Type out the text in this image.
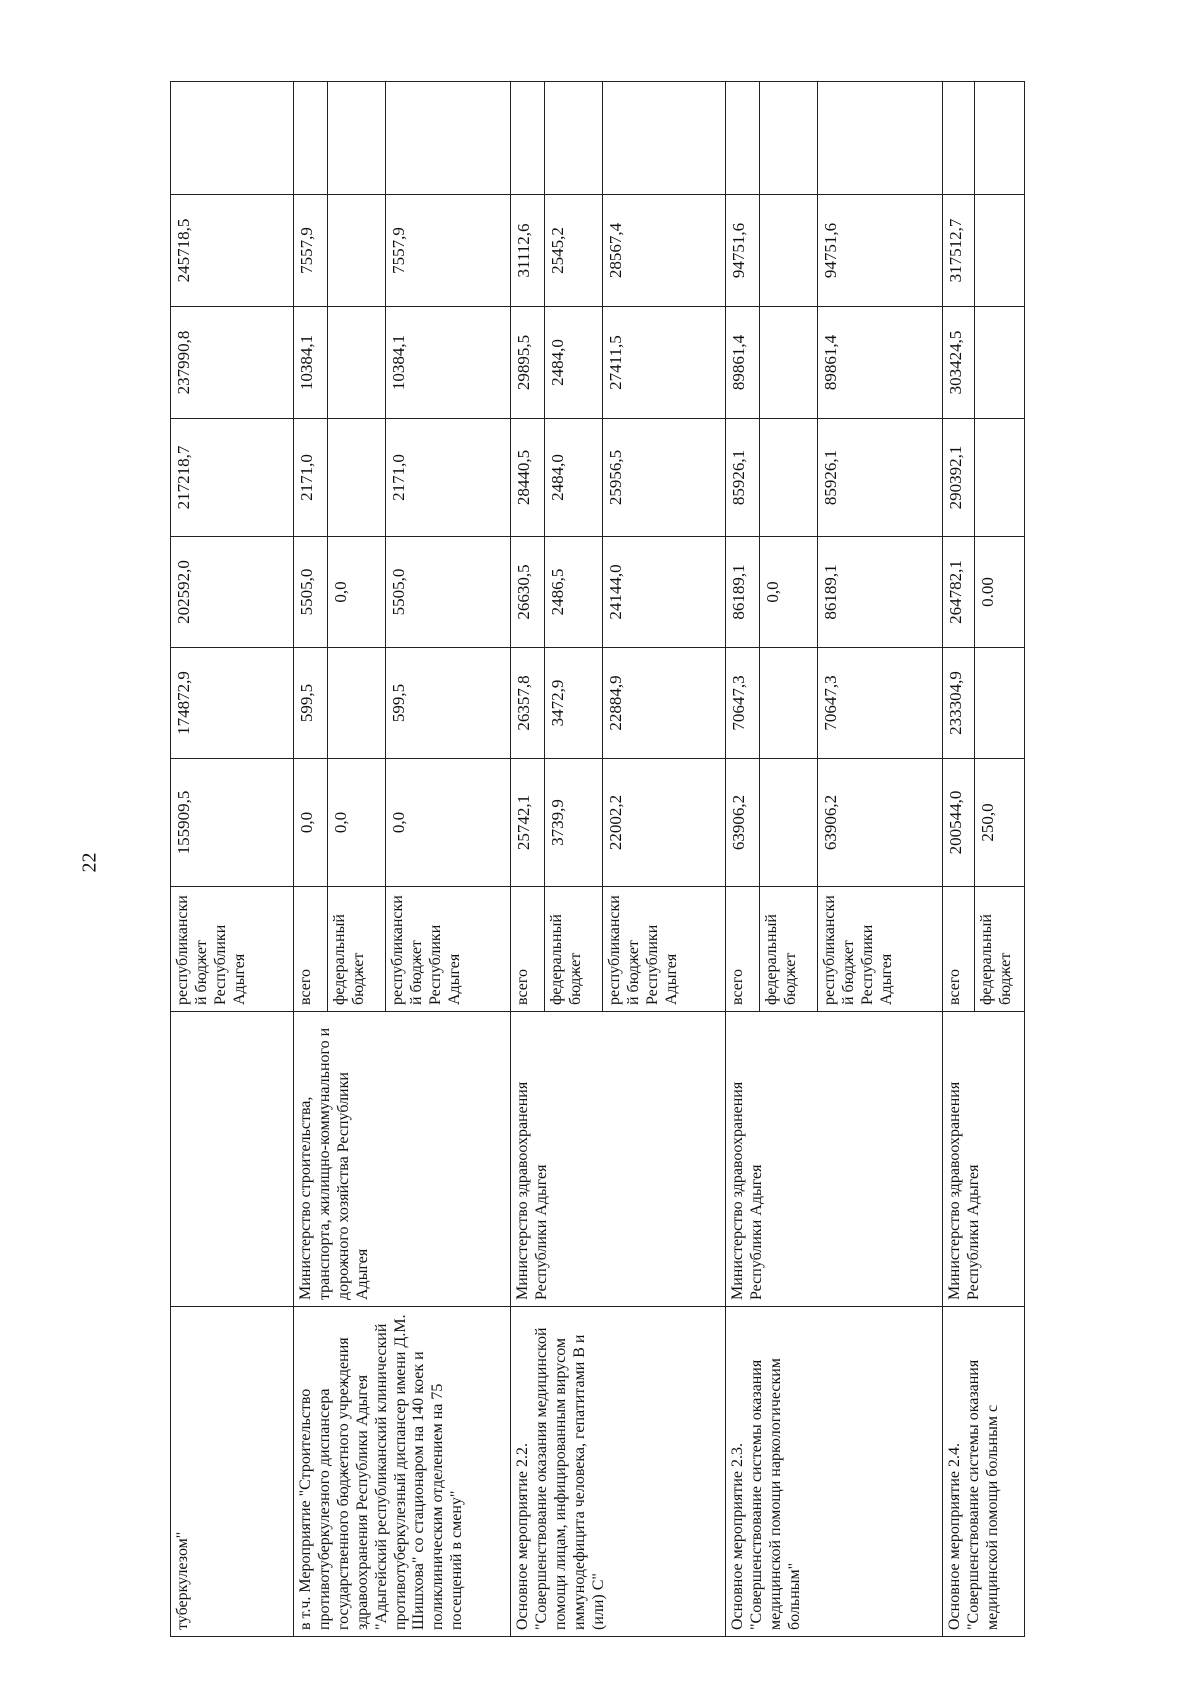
22
туберкулезом"		республиканский бюджет Республики Адыгея	155909,5	174872,9	202592,0	217218,7	237990,8	245718,5	
в т.ч. Мероприятие "Строительство противотуберкулезного диспансера государственного бюджетного учреждения здравоохранения Республики Адыгея "Адыгейский республиканский клинический противотуберкулезный диспансер имени Д.М. Шишхова" со стационаром на 140 коек и поликлиническим отделением на 75 посещений в смену"	Министерство строительства, транспорта, жилищно-коммунального и дорожного хозяйства Республики Адыгея	всего	0,0	599,5	5505,0	2171,0	10384,1	7557,9	
		федеральный бюджет	0,0		0,0				
		республиканский бюджет Республики Адыгея	0,0	599,5	5505,0	2171,0	10384,1	7557,9	
Основное мероприятие 2.2. "Совершенствование оказания медицинской помощи лицам, инфицированным вирусом иммунодефицита человека, гепатитами В и (или) С"	Министерство здравоохранения Республики Адыгея	всего	25742,1	26357,8	26630,5	28440,5	29895,5	31112,6	
		федеральный бюджет	3739,9	3472,9	2486,5	2484,0	2484,0	2545,2	
		республиканский бюджет Республики Адыгея	22002,2	22884,9	24144,0	25956,5	27411,5	28567,4	
Основное мероприятие 2.3. "Совершенствование системы оказания медицинской помощи наркологическим больным"	Министерство здравоохранения Республики Адыгея	всего	63906,2	70647,3	86189,1	85926,1	89861,4	94751,6	
		федеральный бюджет			0,0				
		республиканский бюджет Республики Адыгея	63906,2	70647,3	86189,1	85926,1	89861,4	94751,6	
Основное мероприятие 2.4. "Совершенствование системы оказания медицинской помощи больным с	Министерство здравоохранения Республики Адыгея	всего	200544,0	233304,9	264782,1	290392,1	303424,5	317512,7	
		федеральный бюджет	250,0		0.00				
